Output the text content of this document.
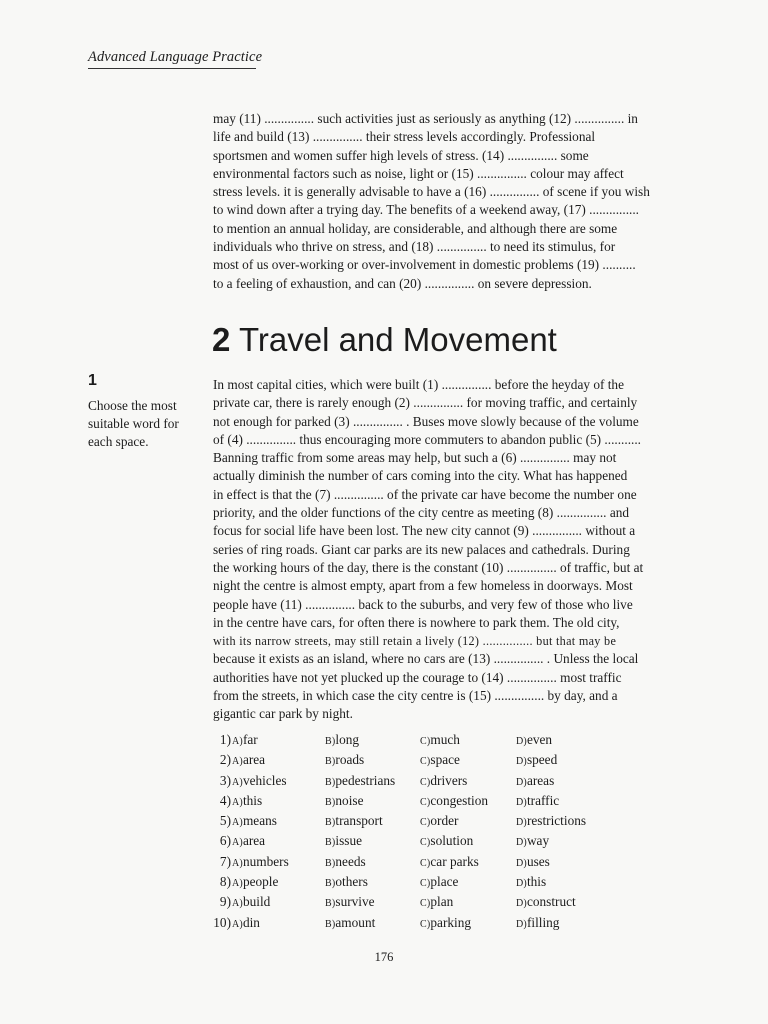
Advanced Language Practice
may (11) ............... such activities just as seriously as anything (12) ............... in
life and build (13) ............... their stress levels accordingly. Professional
sportsmen and women suffer high levels of stress. (14) ............... some
environmental factors such as noise, light or (15) ............... colour may affect
stress levels. it is generally advisable to have a (16) ............... of scene if you wish
to wind down after a trying day. The benefits of a weekend away, (17) ...............
to mention an annual holiday, are considerable, and although there are some
individuals who thrive on stress, and (18) ............... to need its stimulus, for
most of us over-working or over-involvement in domestic problems (19) ..........
to a feeling of exhaustion, and can (20) ............... on severe depression.
2 Travel and Movement
1
Choose the most
suitable word for
each space.
In most capital cities, which were built (1) ............... before the heyday of the
private car, there is rarely enough (2) ............... for moving traffic, and certainly
not enough for parked (3) ............... . Buses move slowly because of the volume
of (4) ............... thus encouraging more commuters to abandon public (5) ...........
Banning traffic from some areas may help, but such a (6) ............... may not
actually diminish the number of cars coming into the city. What has happened
in effect is that the (7) ............... of the private car have become the number one
priority, and the older functions of the city centre as meeting (8) ............... and
focus for social life have been lost. The new city cannot (9) ............... without a
series of ring roads. Giant car parks are its new palaces and cathedrals. During
the working hours of the day, there is the constant (10) ............... of traffic, but at
night the centre is almost empty, apart from a few homeless in doorways. Most
people have (11) ............... back to the suburbs, and very few of those who live
in the centre have cars, for often there is nowhere to park them. The old city,
with its narrow streets, may still retain a lively (12) ............... but that may be
because it exists as an island, where no cars are (13) ............... . Unless the local
authorities have not yet plucked up the courage to (14) ............... most traffic
from the streets, in which case the city centre is (15) ............... by day, and a
gigantic car park by night.
1)	A)far	B)long	C)much	D)even
2)	A)area	B)roads	C)space	D)speed
3)	A)vehicles	B)pedestrians	C)drivers	D)areas
4)	A)this	B)noise	C)congestion	D)traffic
5)	A)means	B)transport	C)order	D)restrictions
6)	A)area	B)issue	C)solution	D)way
7)	A)numbers	B)needs	C)car parks	D)uses
8)	A)people	B)others	C)place	D)this
9)	A)build	B)survive	C)plan	D)construct
10)	A)din	B)amount	C)parking	D)filling
176
